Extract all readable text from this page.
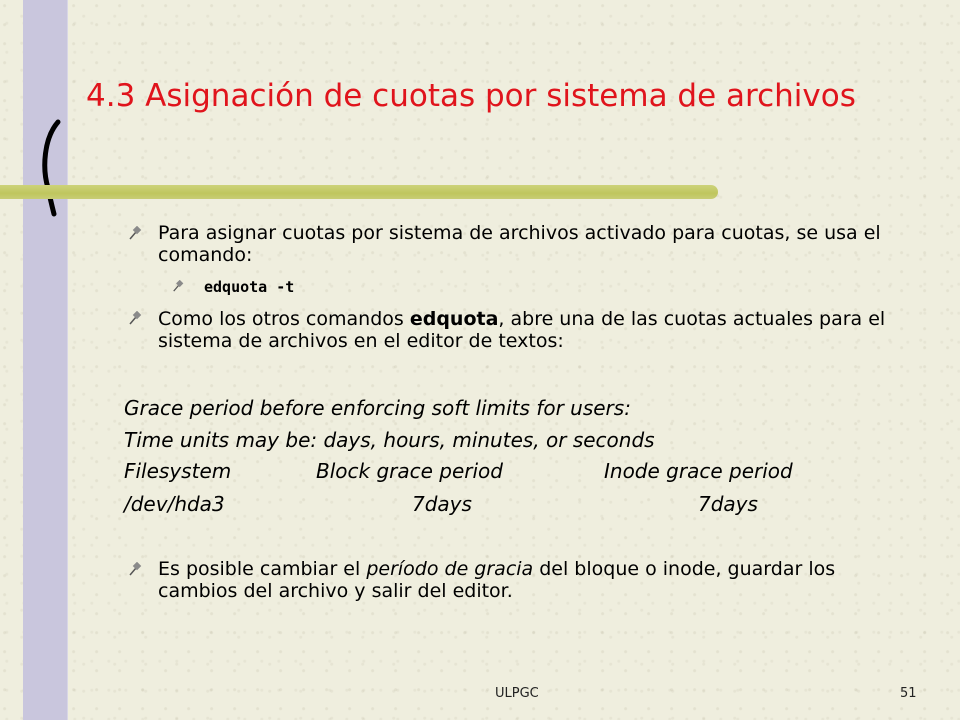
4.3 Asignación de cuotas por sistema de archivos

Para asignar cuotas por sistema de archivos activado para cuotas, se usa el comando:

edquota -t

Como los otros comandos edquota, abre una de las cuotas actuales para el sistema de archivos en el editor de textos:

Grace period before enforcing soft limits for users:
Time units may be: days, hours, minutes, or seconds
Filesystem	Block grace period	Inode grace period
/dev/hda3	7days	7days

Es posible cambiar el período de gracia del bloque o inode, guardar los cambios del archivo y salir del editor.

ULPGC	51
